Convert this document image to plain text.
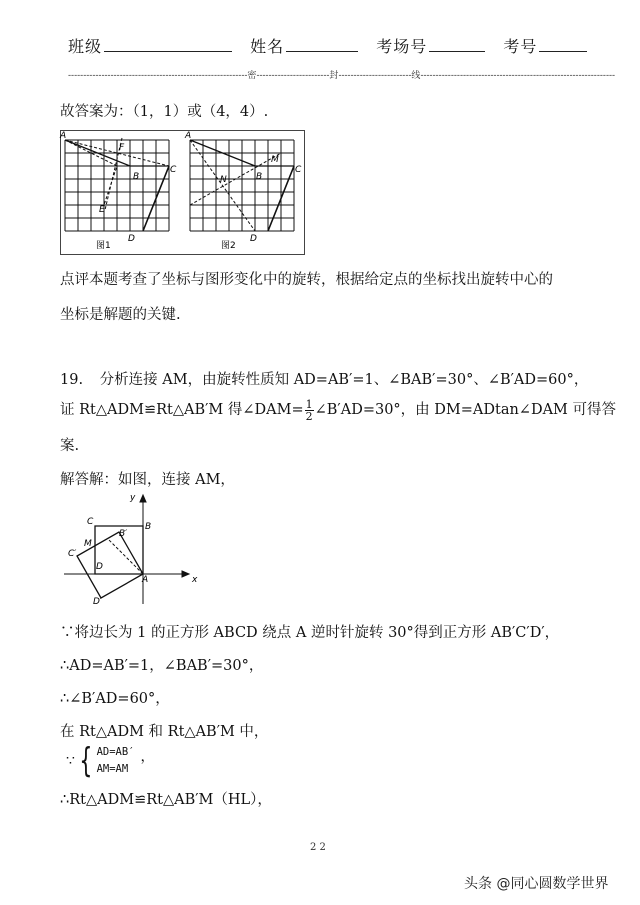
班级	姓名	考场号	考号
-----------------------------------------------------------密------------------------封------------------------线----------------------------------------------------------------
故答案为：（1，1）或（4，4）.
A
F
B
C
E
D
图1
A
M
N	B
C
D
图2
点评本题考查了坐标与图形变化中的旋转，根据给定点的坐标找出旋转中心的
坐标是解题的关键.
19. 分析连接 AM，由旋转性质知 AD=AB′=1、∠BAB′=30°、∠B′AD=60°，
证 Rt△ADM≌Rt△AB′M 得∠DAM= $\frac{1}{2}$ ∠B′AD=30°，由 DM=ADtan∠DAM 可得答
案.
解答解：如图，连接 AM，
x
y
C	B
B′
M
C′
D
A
D′
∵将边长为 1 的正方形 ABCD 绕点 A 逆时针旋转 30°得到正方形 AB′C′D′，
∴AD=AB′=1，∠BAB′=30°，
∴∠B′AD=60°，
在 Rt△ADM 和 Rt△AB′M 中，
∵ { AD=AB′
AM=AM
，
∴Rt△ADM≌Rt△AB′M（HL），
2 2
头条 @同心圆数学世界
